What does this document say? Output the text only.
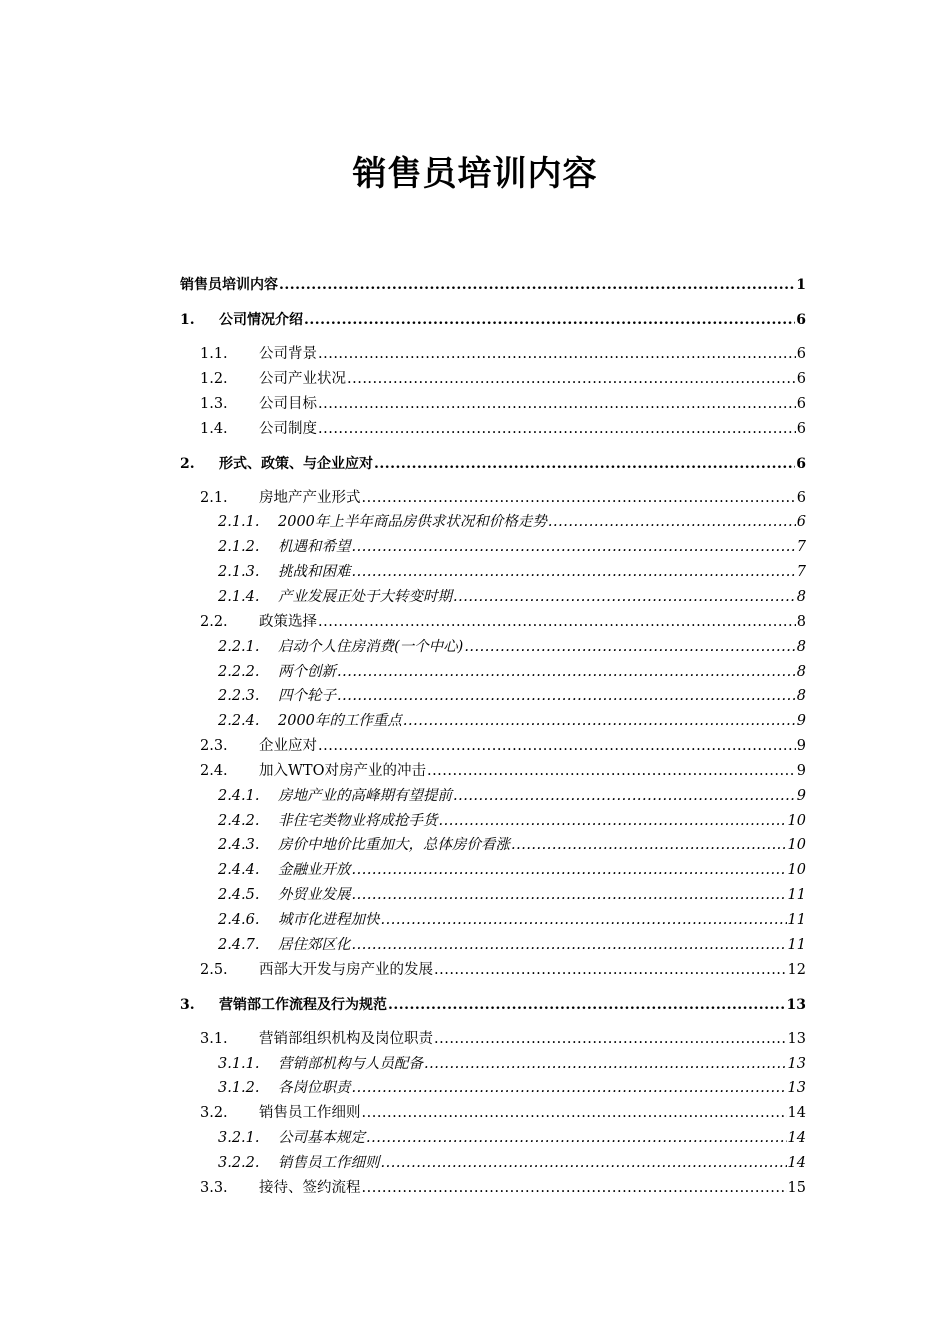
销售员培训内容
销售员培训内容 .....	1
1.	公司情况介绍 .....	6
1.1.	公司背景 .....	6
1.2.	公司产业状况 .....	6
1.3.	公司目标 .....	6
1.4.	公司制度 .....	6
2.	形式、政策、与企业应对 .....	6
2.1.	房地产产业形式 .....	6
2.1.1.	2000年上半年商品房供求状况和价格走势 .....	6
2.1.2.	机遇和希望 .....	7
2.1.3.	挑战和困难 .....	7
2.1.4.	产业发展正处于大转变时期 .....	8
2.2.	政策选择 .....	8
2.2.1.	启动个人住房消费(一个中心) .....	8
2.2.2.	两个创新 .....	8
2.2.3.	四个轮子 .....	8
2.2.4.	2000年的工作重点 .....	9
2.3.	企业应对 .....	9
2.4.	加入WTO对房产业的冲击 .....	9
2.4.1.	房地产业的高峰期有望提前 .....	9
2.4.2.	非住宅类物业将成抢手货 .....	10
2.4.3.	房价中地价比重加大，总体房价看涨 .....	10
2.4.4.	金融业开放 .....	10
2.4.5.	外贸业发展 .....	11
2.4.6.	城市化进程加快 .....	11
2.4.7.	居住郊区化 .....	11
2.5.	西部大开发与房产业的发展 .....	12
3.	营销部工作流程及行为规范 .....	13
3.1.	营销部组织机构及岗位职责 .....	13
3.1.1.	营销部机构与人员配备 .....	13
3.1.2.	各岗位职责 .....	13
3.2.	销售员工作细则 .....	14
3.2.1.	公司基本规定 .....	14
3.2.2.	销售员工作细则 .....	14
3.3.	接待、签约流程 .....	15
